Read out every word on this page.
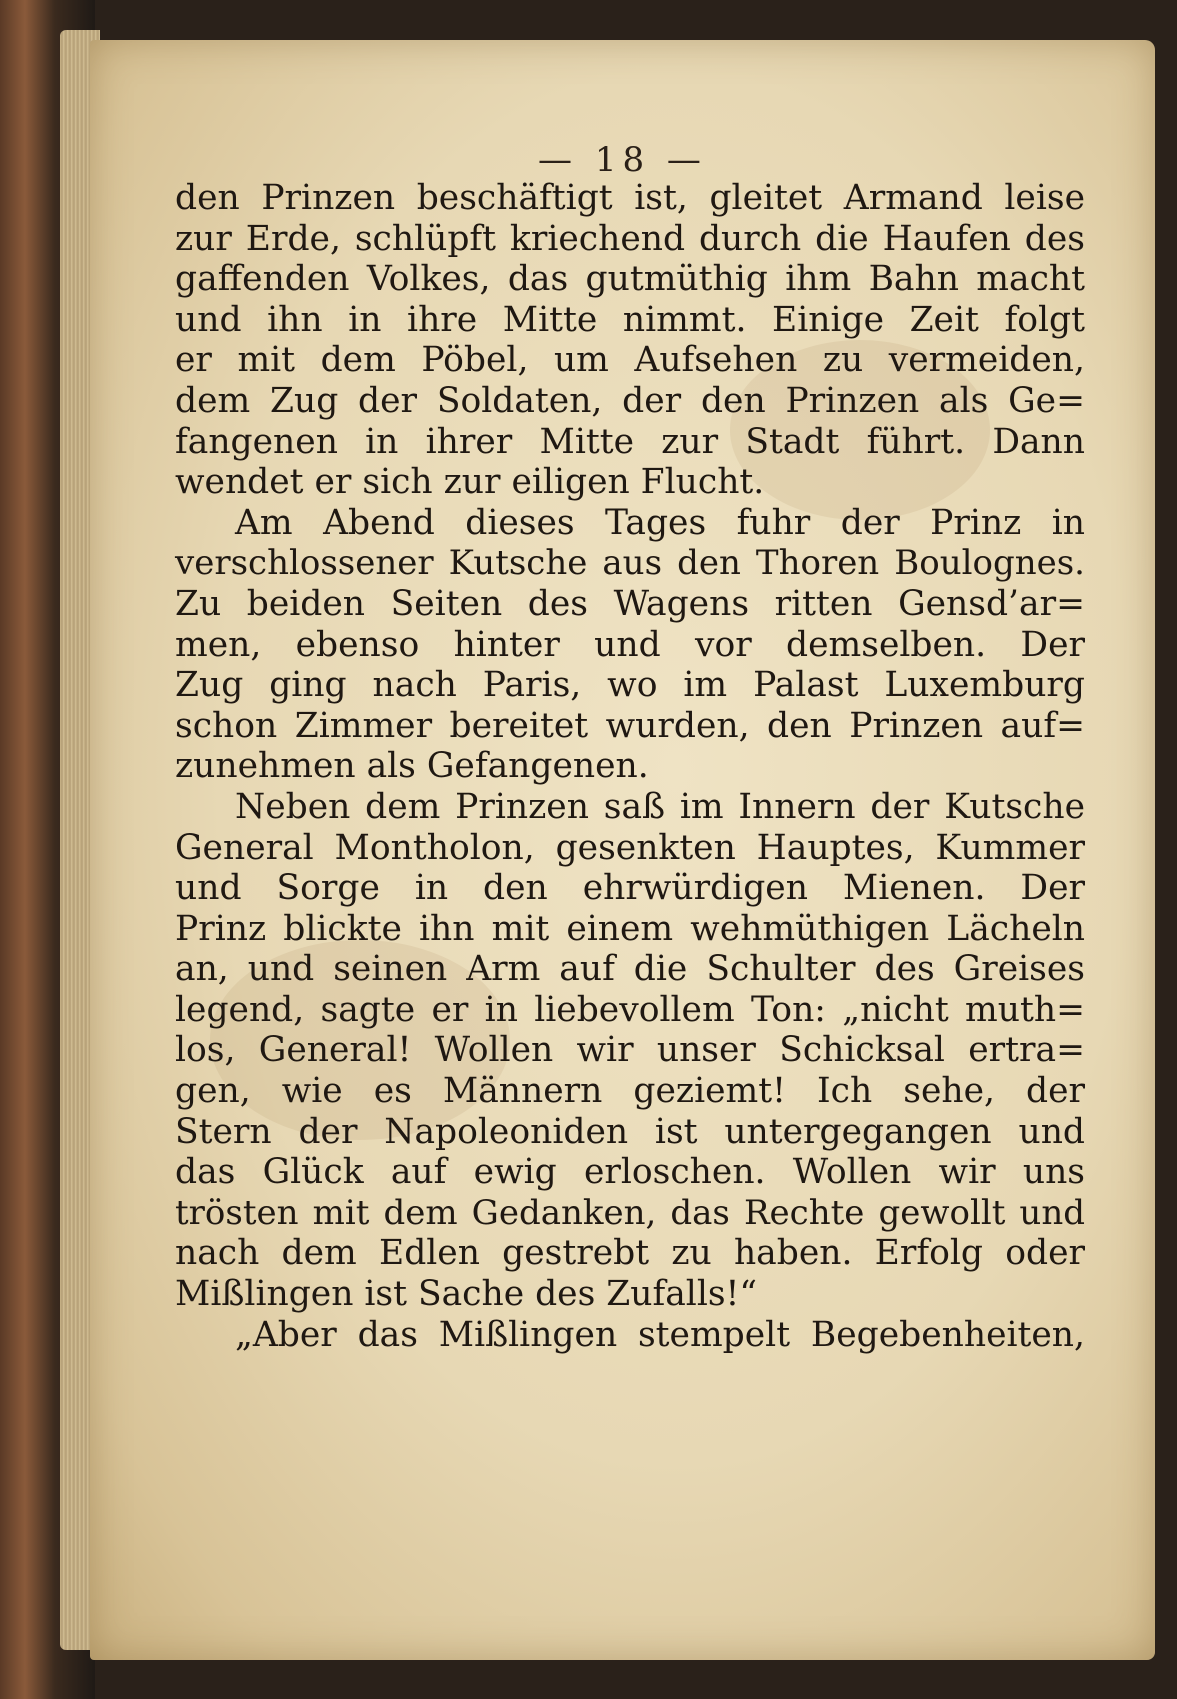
— 18 —
den Prinzen beschäftigt ist, gleitet Armand leise
zur Erde, schlüpft kriechend durch die Haufen des
gaffenden Volkes, das gutmüthig ihm Bahn macht
und ihn in ihre Mitte nimmt. Einige Zeit folgt
er mit dem Pöbel, um Aufsehen zu vermeiden,
dem Zug der Soldaten, der den Prinzen als Ge=
fangenen in ihrer Mitte zur Stadt führt. Dann
wendet er sich zur eiligen Flucht.
Am Abend dieses Tages fuhr der Prinz in
verschlossener Kutsche aus den Thoren Boulognes.
Zu beiden Seiten des Wagens ritten Gensd’ar=
men, ebenso hinter und vor demselben. Der
Zug ging nach Paris, wo im Palast Luxemburg
schon Zimmer bereitet wurden, den Prinzen auf=
zunehmen als Gefangenen.
Neben dem Prinzen saß im Innern der Kutsche
General Montholon, gesenkten Hauptes, Kummer
und Sorge in den ehrwürdigen Mienen. Der
Prinz blickte ihn mit einem wehmüthigen Lächeln
an, und seinen Arm auf die Schulter des Greises
legend, sagte er in liebevollem Ton: „nicht muth=
los, General! Wollen wir unser Schicksal ertra=
gen, wie es Männern geziemt! Ich sehe, der
Stern der Napoleoniden ist untergegangen und
das Glück auf ewig erloschen. Wollen wir uns
trösten mit dem Gedanken, das Rechte gewollt und
nach dem Edlen gestrebt zu haben. Erfolg oder
Mißlingen ist Sache des Zufalls!“
„Aber das Mißlingen stempelt Begebenheiten,
